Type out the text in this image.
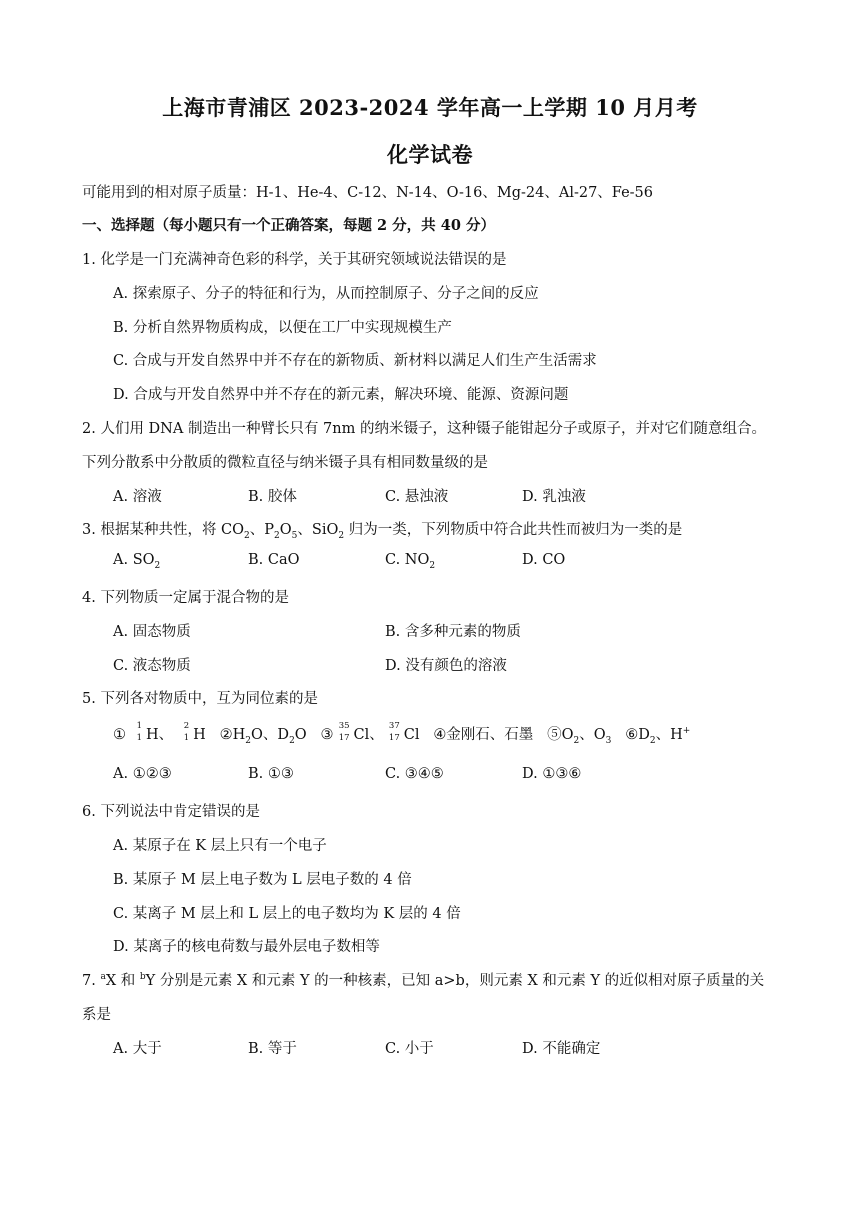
上海市青浦区 2023-2024 学年高一上学期 10 月月考
化学试卷
可能用到的相对原子质量：H-1、He-4、C-12、N-14、O-16、Mg-24、Al-27、Fe-56
一、选择题（每小题只有一个正确答案，每题 2 分，共 40 分）
1. 化学是一门充满神奇色彩的科学，关于其研究领域说法错误的是
A. 探索原子、分子的特征和行为，从而控制原子、分子之间的反应
B. 分析自然界物质构成，以便在工厂中实现规模生产
C. 合成与开发自然界中并不存在的新物质、新材料以满足人们生产生活需求
D. 合成与开发自然界中并不存在的新元素，解决环境、能源、资源问题
2. 人们用 DNA 制造出一种臂长只有 7nm 的纳米镊子，这种镊子能钳起分子或原子，并对它们随意组合。
下列分散系中分散质的微粒直径与纳米镊子具有相同数量级的是
A. 溶液	B. 胶体	C. 悬浊液	D. 乳浊液
3. 根据某种共性，将 $CO_2$、$P_2O_5$、SiO$_2$ 归为一类，下列物质中符合此共性而被归为一类的是
A. $SO_2$	B. CaO	C. $NO_2$	D. CO
4. 下列物质一定属于混合物的是
A. 固态物质	B. 含多种元素的物质
C. 液态物质	D. 没有颜色的溶液
5. 下列各对物质中，互为同位素的是
①
1
1 H、
2
1 H $②H_2O$、$D_2O$ ③
35
17 Cl、
37
17 Cl ④金刚石、石墨 $⑤O_2$、$O_3$ $⑥D_2$、H+
A. ①②③	B. ①③	C. ③④⑤	D. ①③⑥
6. 下列说法中肯定错误的是
A. 某原子在 K 层上只有一个电子
B. 某原子 M 层上电子数为 L 层电子数的 4 倍
C. 某离子 M 层上和 L 层上的电子数均为 K 层的 4 倍
D. 某离子的核电荷数与最外层电子数相等
7. $^a$X 和 $^b$Y 分别是元素 X 和元素 Y 的一种核素，已知 a>b，则元素 X 和元素 Y 的近似相对原子质量的关
系是
A. 大于	B. 等于	C. 小于	D. 不能确定
